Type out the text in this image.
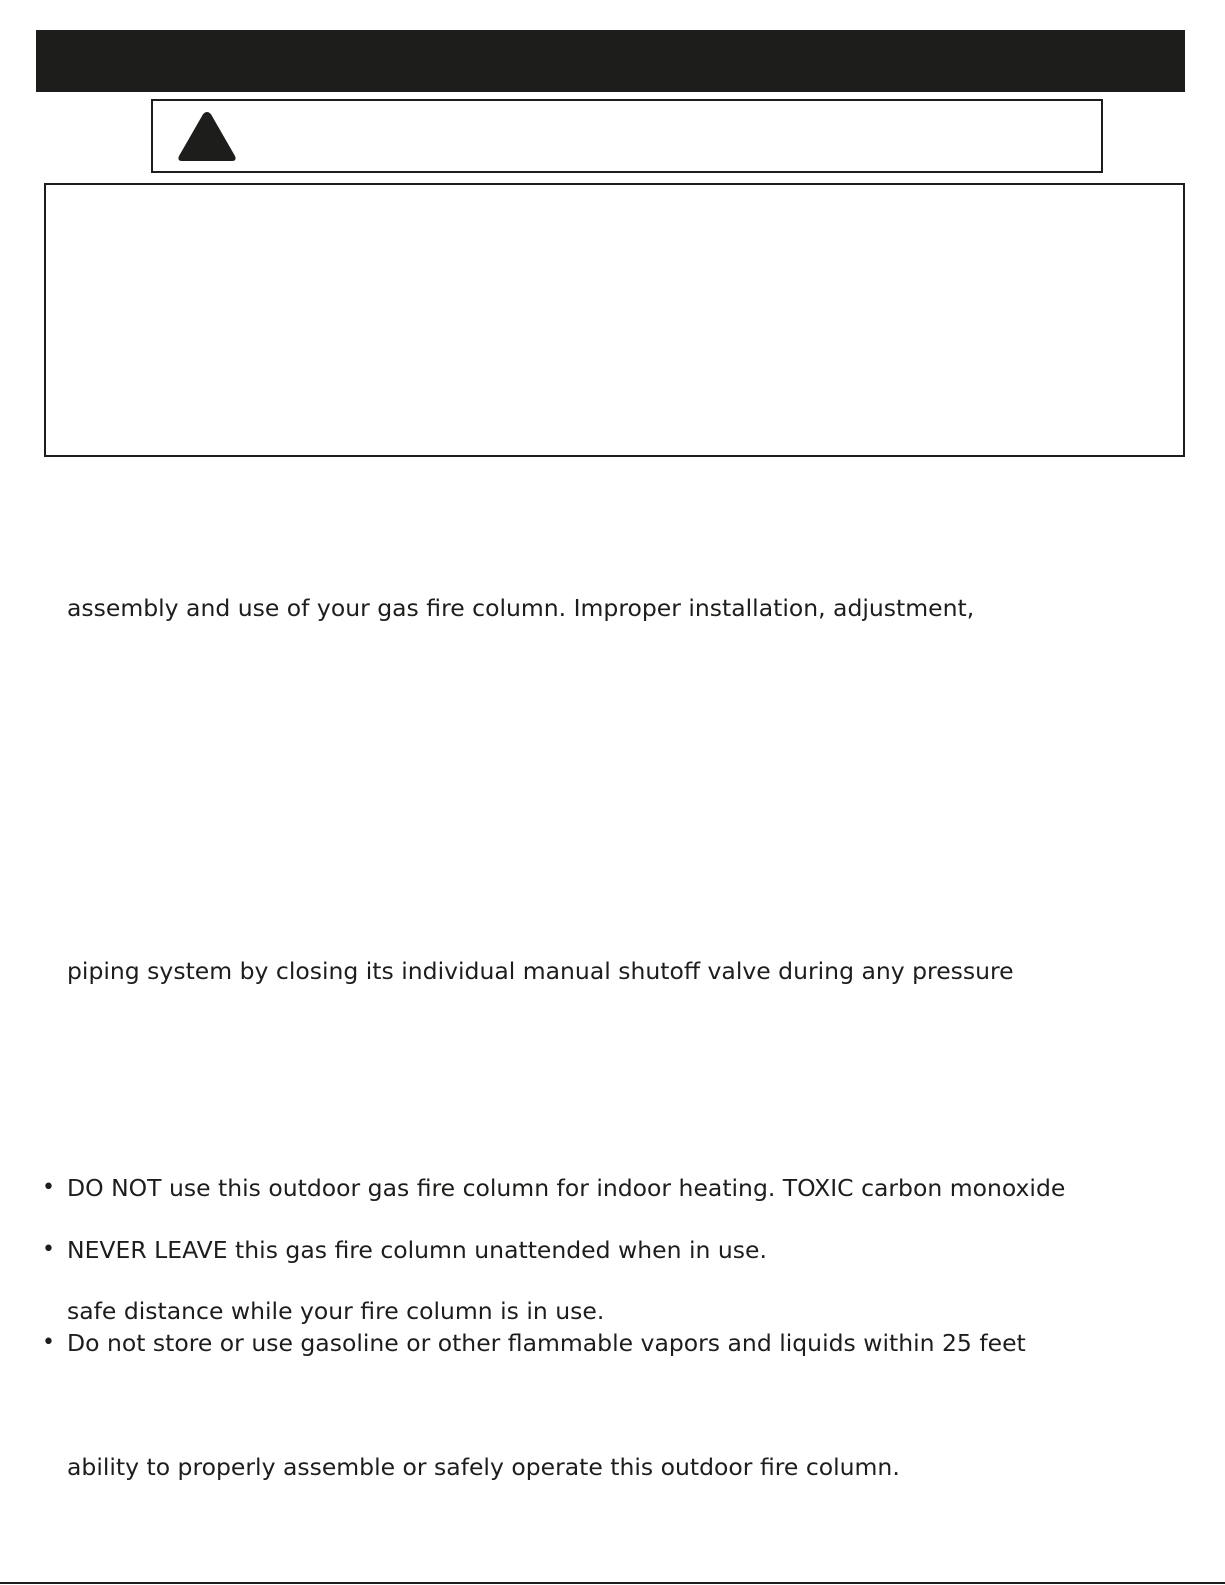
assembly and use of your gas fire column. Improper installation, adjustment,

piping system by closing its individual manual shutoff valve during any pressure

• DO NOT use this outdoor gas fire column for indoor heating. TOXIC carbon monoxide

• NEVER LEAVE this gas fire column unattended when in use.

safe distance while your fire column is in use.

• Do not store or use gasoline or other flammable vapors and liquids within 25 feet

ability to properly assemble or safely operate this outdoor fire column.
